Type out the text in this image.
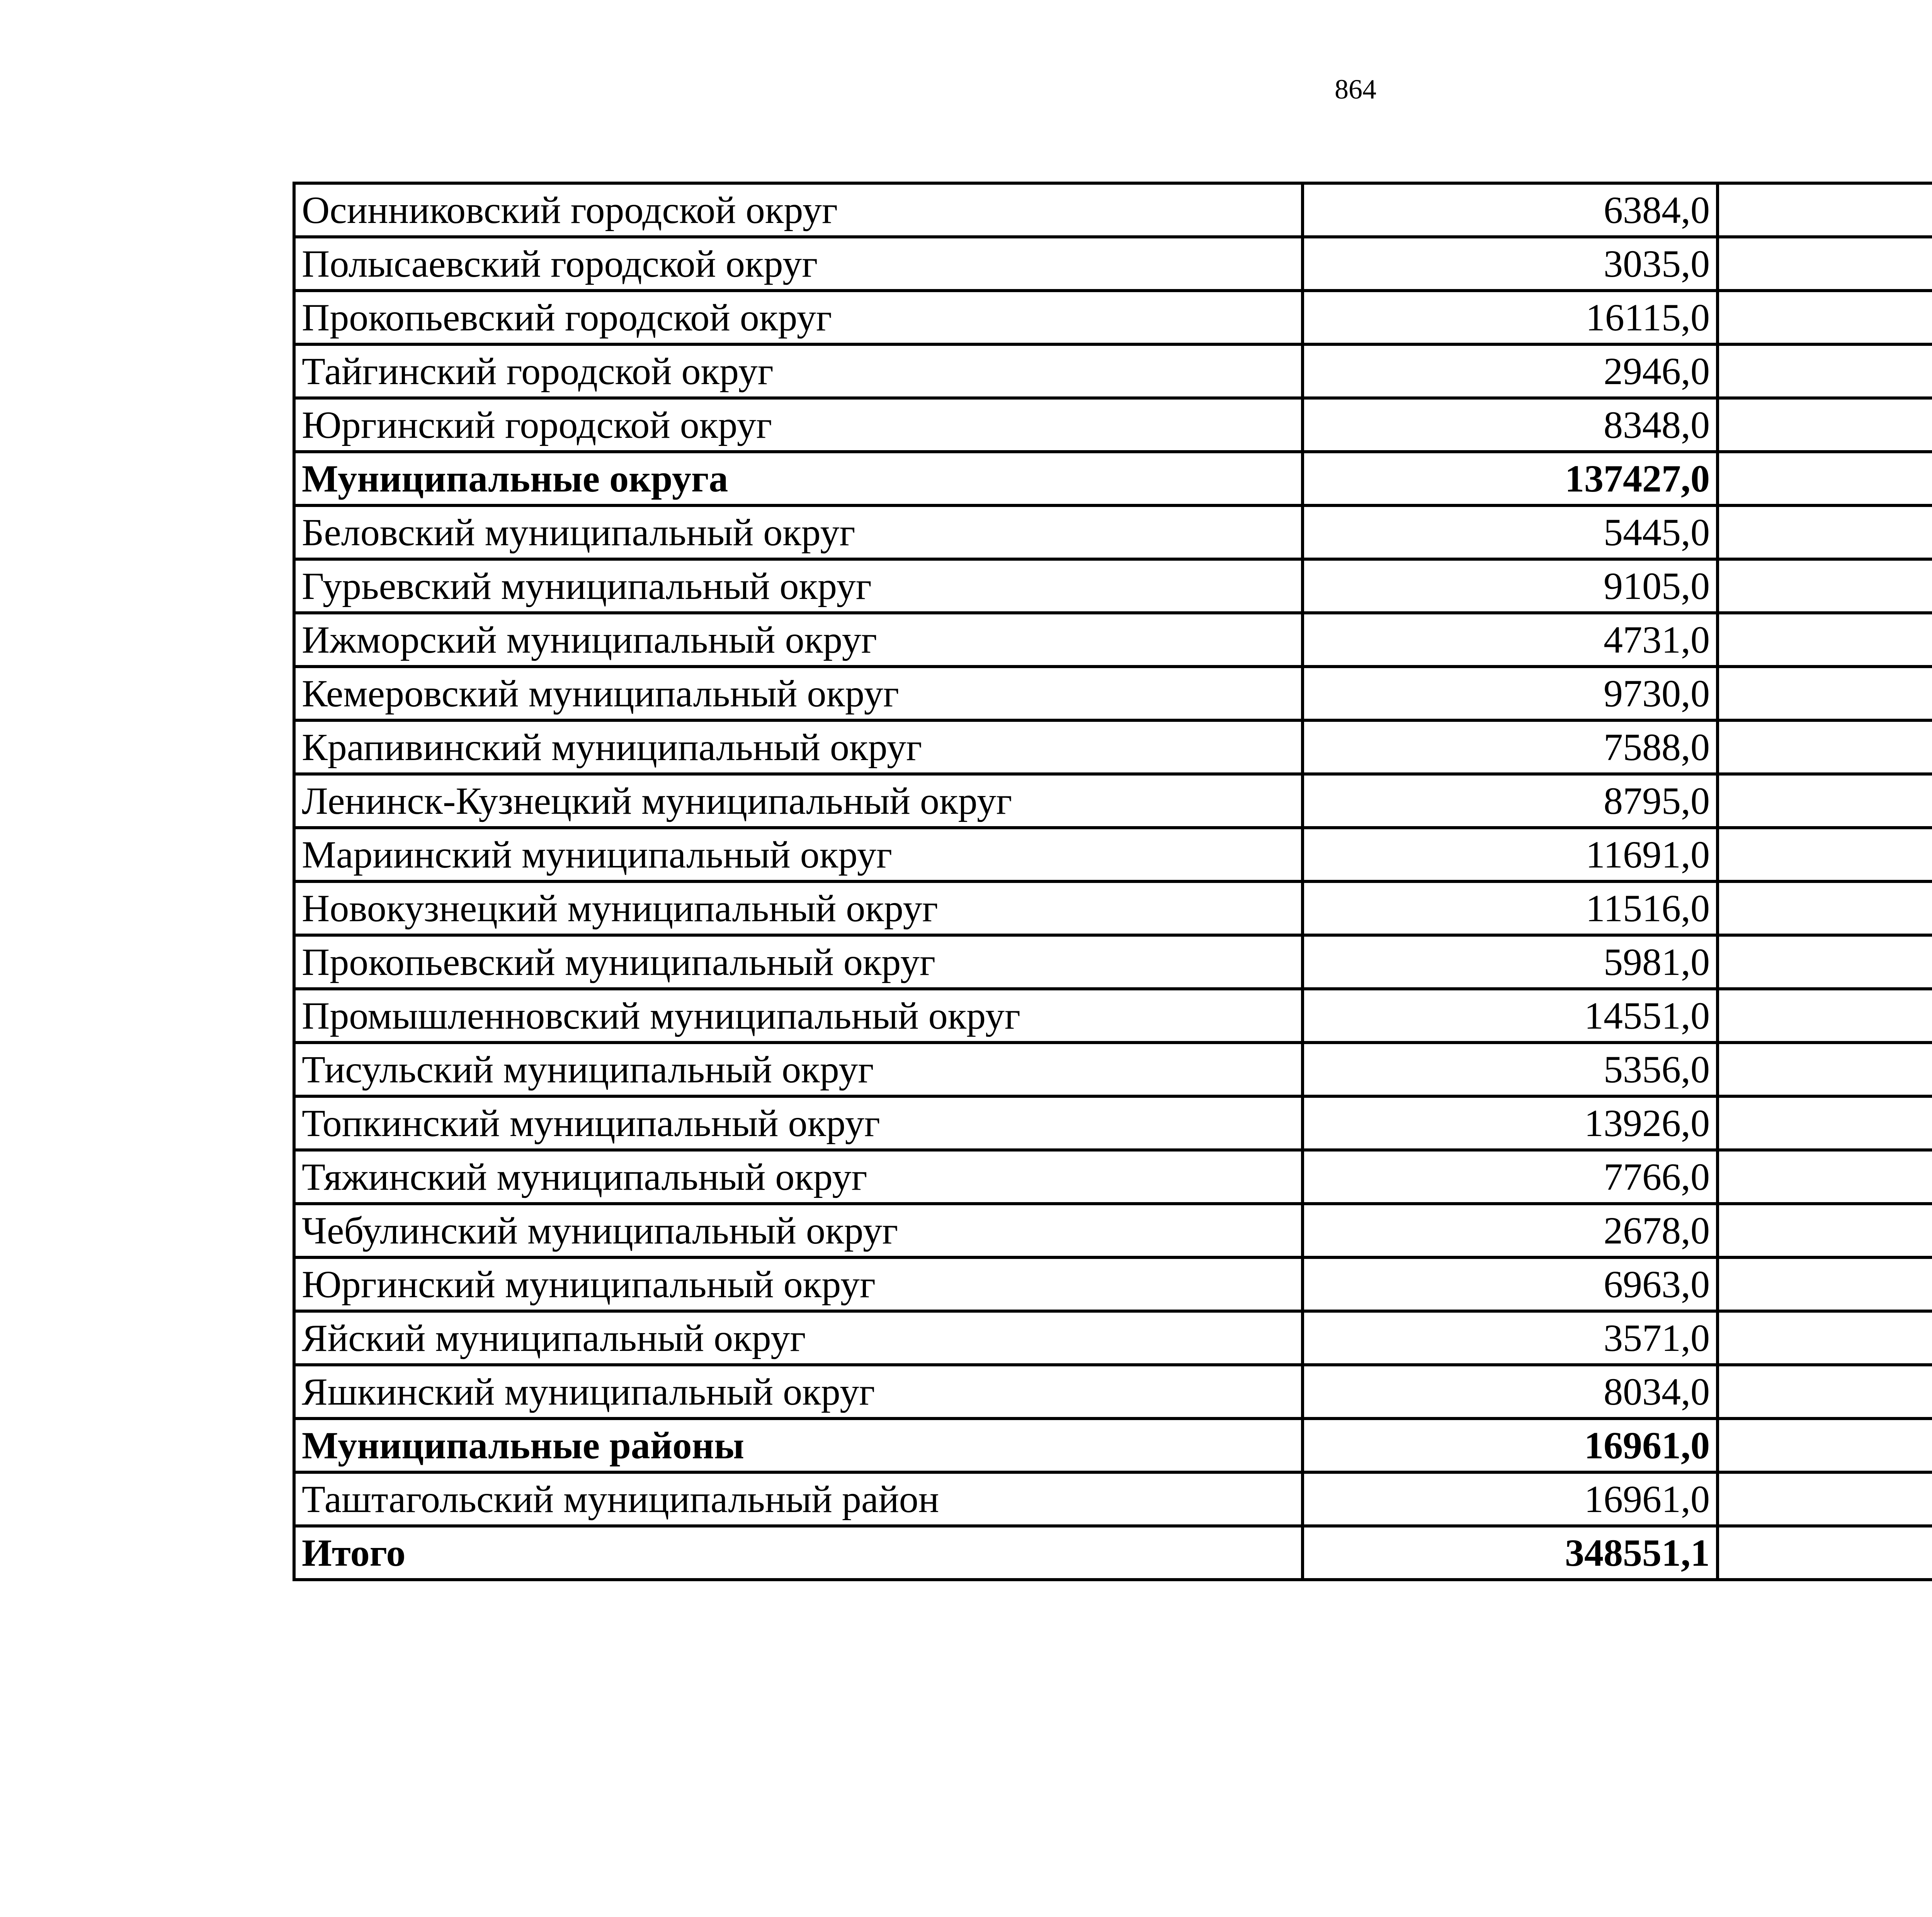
864
Осинниковский городской округ	6384,0		
Полысаевский городской округ	3035,0		
Прокопьевский городской округ	16115,0		
Тайгинский городской округ	2946,0		
Юргинский городской округ	8348,0		
Муниципальные округа	137427,0		
Беловский муниципальный округ	5445,0		
Гурьевский муниципальный округ	9105,0		
Ижморский муниципальный округ	4731,0		
Кемеровский муниципальный округ	9730,0		
Крапивинский муниципальный округ	7588,0		
Ленинск-Кузнецкий муниципальный округ	8795,0		
Мариинский муниципальный округ	11691,0		
Новокузнецкий муниципальный округ	11516,0		
Прокопьевский муниципальный округ	5981,0		
Промышленновский муниципальный округ	14551,0		
Тисульский муниципальный округ	5356,0		
Топкинский муниципальный округ	13926,0		
Тяжинский муниципальный округ	7766,0		
Чебулинский муниципальный округ	2678,0		
Юргинский муниципальный округ	6963,0		
Яйский муниципальный округ	3571,0		
Яшкинский муниципальный округ	8034,0		
Муниципальные районы	16961,0		
Таштагольский муниципальный район	16961,0		
Итого	348551,1		
